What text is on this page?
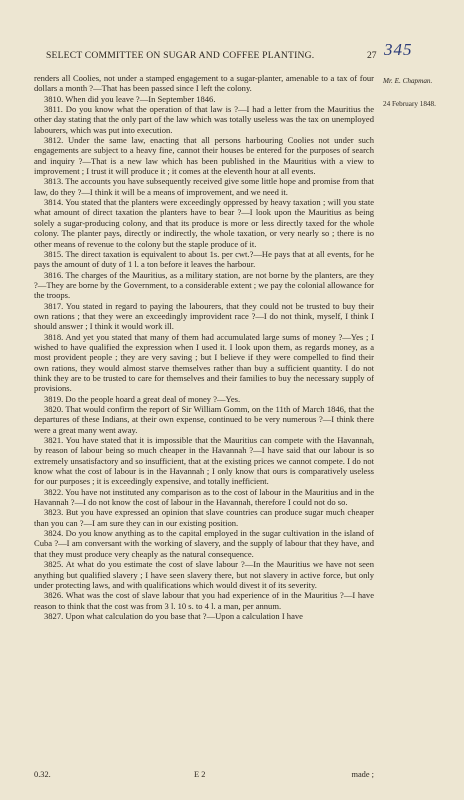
SELECT COMMITTEE ON SUGAR AND COFFEE PLANTING.	27 345
Mr. E. Chapman.
24 February 1848.

renders all Coolies, not under a stamped engagement to a sugar-planter, amenable to a tax of four dollars a month ?—That has been passed since I left the colony.

3810. When did you leave ?—In September 1846.

3811. Do you know what the operation of that law is ?—I had a letter from the Mauritius the other day stating that the only part of the law which was totally useless was the tax on unemployed labourers, which was put into execution.

3812. Under the same law, enacting that all persons harbouring Coolies not under such engagements are subject to a heavy fine, cannot their houses be entered for the purposes of search and inquiry ?—That is a new law which has been published in the Mauritius with a view to improvement ; I trust it will produce it ; it comes at the eleventh hour at all events.

3813. The accounts you have subsequently received give some little hope and promise from that law, do they ?—I think it will be a means of improvement, and we need it.

3814. You stated that the planters were exceedingly oppressed by heavy taxation ; will you state what amount of direct taxation the planters have to bear ?—I look upon the Mauritius as being solely a sugar-producing colony, and that its produce is more or less directly taxed for the whole colony. The planter pays, directly or indirectly, the whole taxation, or very nearly so ; there is no other means of revenue to the colony but the staple produce of it.

3815. The direct taxation is equivalent to about 1s. per cwt.?—He pays that at all events, for he pays the amount of duty of 1 l. a ton before it leaves the harbour.

3816. The charges of the Mauritius, as a military station, are not borne by the planters, are they ?—They are borne by the Government, to a considerable extent ; we pay the colonial allowance for the troops.

3817. You stated in regard to paying the labourers, that they could not be trusted to buy their own rations ; that they were an exceedingly improvident race ?—I do not think, myself, I think I should answer ; I think it would work ill.

3818. And yet you stated that many of them had accumulated large sums of money ?—Yes ; I wished to have qualified the expression when I used it. I look upon them, as regards money, as a most provident people ; they are very saving ; but I believe if they were compelled to find their own rations, they would almost starve themselves rather than buy a sufficient quantity. I do not think they are to be trusted to care for themselves and their families to buy the necessary supply of provisions.

3819. Do the people hoard a great deal of money ?—Yes.

3820. That would confirm the report of Sir William Gomm, on the 11th of March 1846, that the departures of these Indians, at their own expense, continued to be very numerous ?—I think there were a great many went away.

3821. You have stated that it is impossible that the Mauritius can compete with the Havannah, by reason of labour being so much cheaper in the Havannah ?—I have said that our labour is so extremely unsatisfactory and so insufficient, that at the existing prices we cannot compete. I do not know what the cost of labour is in the Havannah ; I only know that ours is comparatively useless for our purposes ; it is exceedingly expensive, and totally inefficient.

3822. You have not instituted any comparison as to the cost of labour in the Mauritius and in the Havannah ?—I do not know the cost of labour in the Havannah, therefore I could not do so.

3823. But you have expressed an opinion that slave countries can produce sugar much cheaper than you can ?—I am sure they can in our existing position.

3824. Do you know anything as to the capital employed in the sugar cultivation in the island of Cuba ?—I am conversant with the working of slavery, and the supply of labour that they have, and that they must produce very cheaply as the natural consequence.

3825. At what do you estimate the cost of slave labour ?—In the Mauritius we have not seen anything but qualified slavery ; I have seen slavery there, but not slavery in active force, but only under protecting laws, and with qualifications which would divest it of its severity.

3826. What was the cost of slave labour that you had experience of in the Mauritius ?—I have reason to think that the cost was from 3 l. 10 s. to 4 l. a man, per annum.

3827. Upon what calculation do you base that ?—Upon a calculation I have

0.32.	E 2	made ;
